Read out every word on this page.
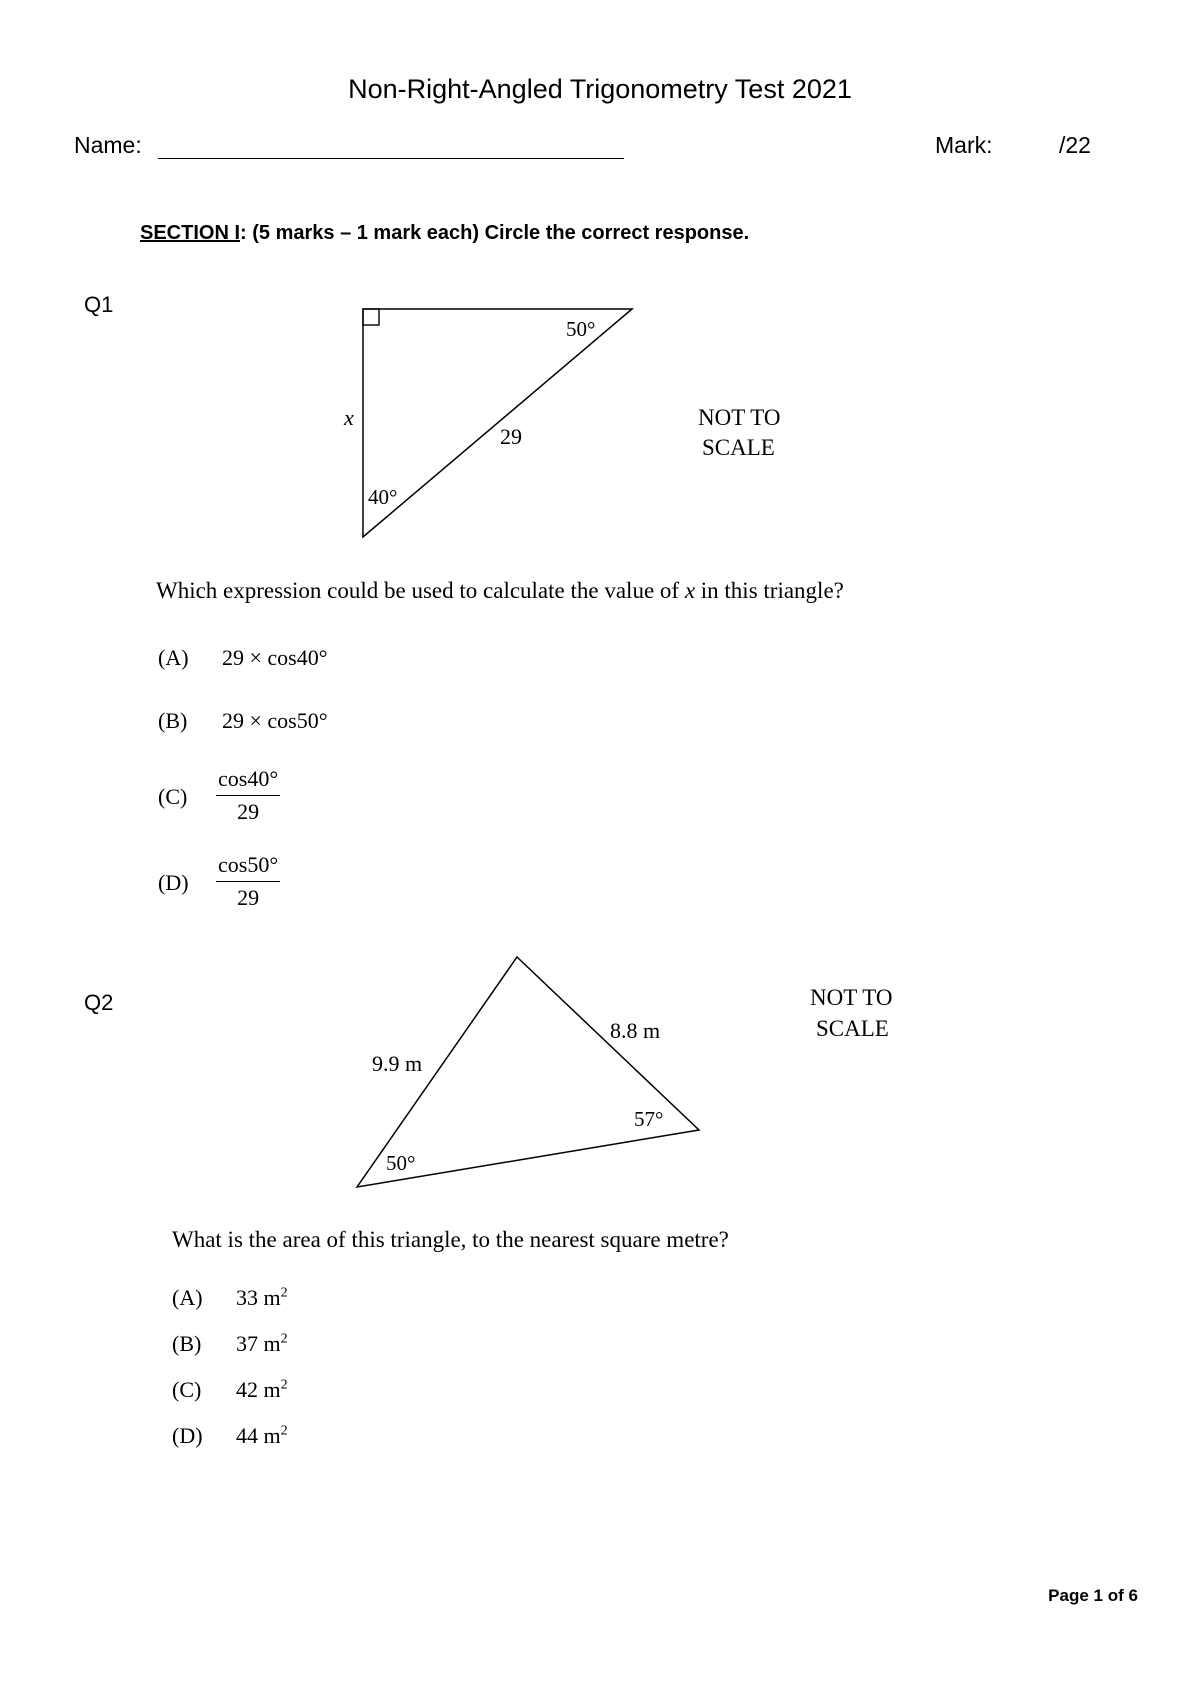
Non-Right-Angled Trigonometry Test 2021
Name:	Mark:	/22
SECTION I: (5 marks – 1 mark each) Circle the correct response.
Q1
50°
x
29
40°
NOT TO
SCALE
9.9 m
8.8 m
57°
50°
NOT TO
SCALE
Which expression could be used to calculate the value of x in this triangle?
(A) 29 × cos40°
(B) 29 × cos50°
$(C) \frac{\cos 40^\circ}{29}$
$(D) \frac{\cos 50^\circ}{29}$
Q2
What is the area of this triangle, to the nearest square metre?
(A) 33 $m^2$
(B) 37 $m^2$
(C) 42 $m^2$
(D) 44 $m^2$
Page 1 of 6
